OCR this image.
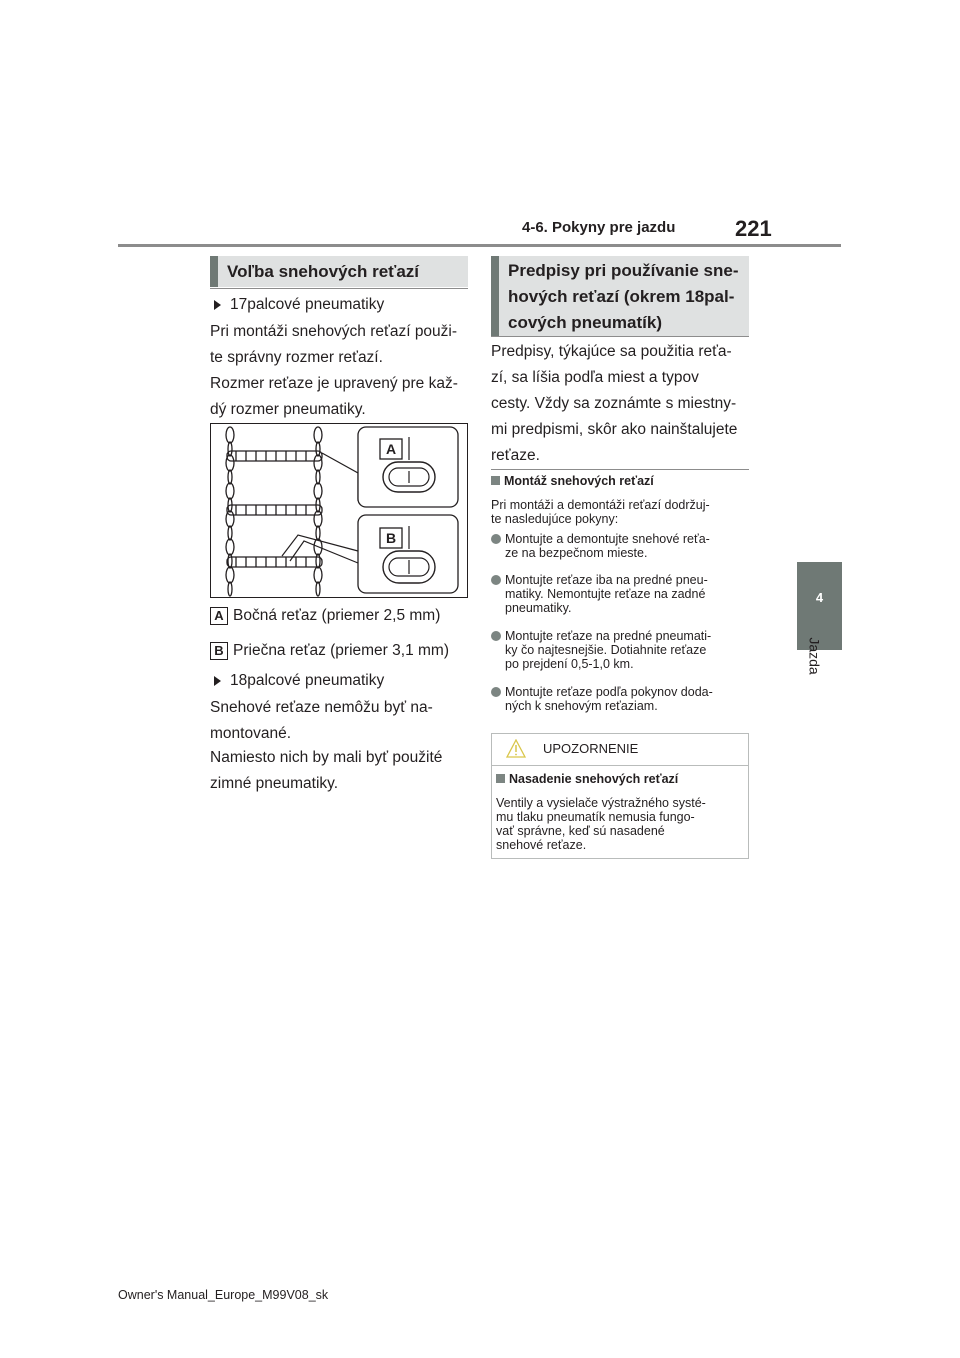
4-6. Pokyny pre jazdu	221
4
Jazda
Voľba snehových reťazí
17palcové pneumatiky
Pri montáži snehových reťazí použi-
te správny rozmer reťazí.
Rozmer reťaze je upravený pre kaž-
dý rozmer pneumatiky.
A
B
A Bočná reťaz (priemer 2,5 mm)
B Priečna reťaz (priemer 3,1 mm)
18palcové pneumatiky
Snehové reťaze nemôžu byť na-
montované.
Namiesto nich by mali byť použité
zimné pneumatiky.
Predpisy pri používanie sne-
hových reťazí (okrem 18pal-
cových pneumatík)
Predpisy, týkajúce sa použitia reťa-
zí, sa líšia podľa miest a typov
cesty. Vždy sa zoznámte s miestny-
mi predpismi, skôr ako nainštalujete
reťaze.
Montáž snehových reťazí
Pri montáži a demontáži reťazí dodržuj-
te nasledujúce pokyny:
Montujte a demontujte snehové reťa-
ze na bezpečnom mieste.
Montujte reťaze iba na predné pneu-
matiky. Nemontujte reťaze na zadné
pneumatiky.
Montujte reťaze na predné pneumati-
ky čo najtesnejšie. Dotiahnite reťaze
po prejdení 0,5-1,0 km.
Montujte reťaze podľa pokynov doda-
ných k snehovým reťaziam.
UPOZORNENIE
Nasadenie snehových reťazí
Ventily a vysielače výstražného systé-
mu tlaku pneumatík nemusia fungo-
vať správne, keď sú nasadené
snehové reťaze.
Owner's Manual_Europe_M99V08_sk
